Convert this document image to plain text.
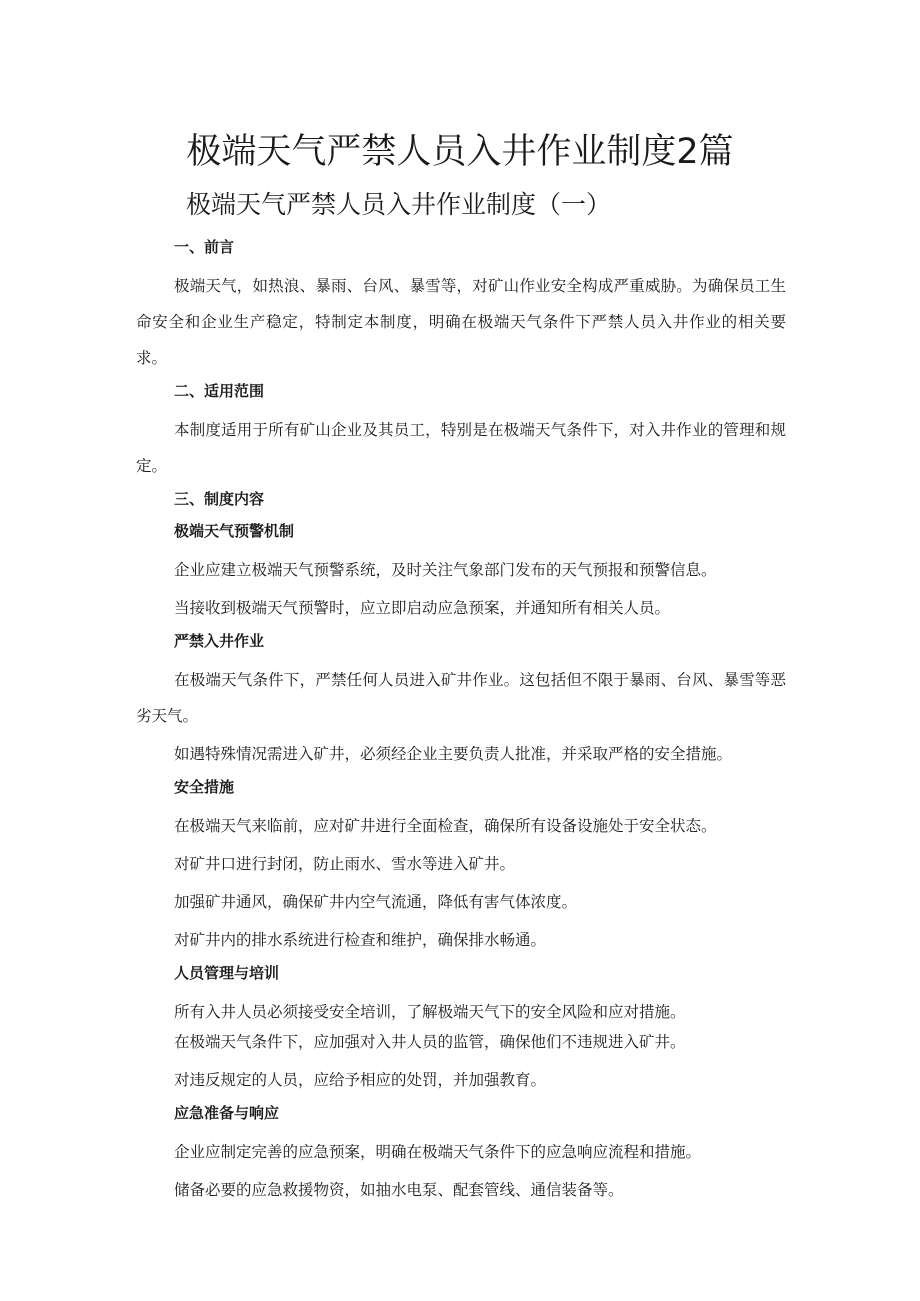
极端天气严禁人员入井作业制度2篇
极端天气严禁人员入井作业制度（一）
一、前言
极端天气，如热浪、暴雨、台风、暴雪等，对矿山作业安全构成严重威胁。为确保员工生命安全和企业生产稳定，特制定本制度，明确在极端天气条件下严禁人员入井作业的相关要求。
二、适用范围
本制度适用于所有矿山企业及其员工，特别是在极端天气条件下，对入井作业的管理和规定。
三、制度内容
极端天气预警机制
企业应建立极端天气预警系统，及时关注气象部门发布的天气预报和预警信息。
当接收到极端天气预警时，应立即启动应急预案，并通知所有相关人员。
严禁入井作业
在极端天气条件下，严禁任何人员进入矿井作业。这包括但不限于暴雨、台风、暴雪等恶劣天气。
如遇特殊情况需进入矿井，必须经企业主要负责人批准，并采取严格的安全措施。
安全措施
在极端天气来临前，应对矿井进行全面检查，确保所有设备设施处于安全状态。
对矿井口进行封闭，防止雨水、雪水等进入矿井。
加强矿井通风，确保矿井内空气流通，降低有害气体浓度。
对矿井内的排水系统进行检查和维护，确保排水畅通。
人员管理与培训
所有入井人员必须接受安全培训，了解极端天气下的安全风险和应对措施。
在极端天气条件下，应加强对入井人员的监管，确保他们不违规进入矿井。
对违反规定的人员，应给予相应的处罚，并加强教育。
应急准备与响应
企业应制定完善的应急预案，明确在极端天气条件下的应急响应流程和措施。
储备必要的应急救援物资，如抽水电泵、配套管线、通信装备等。
